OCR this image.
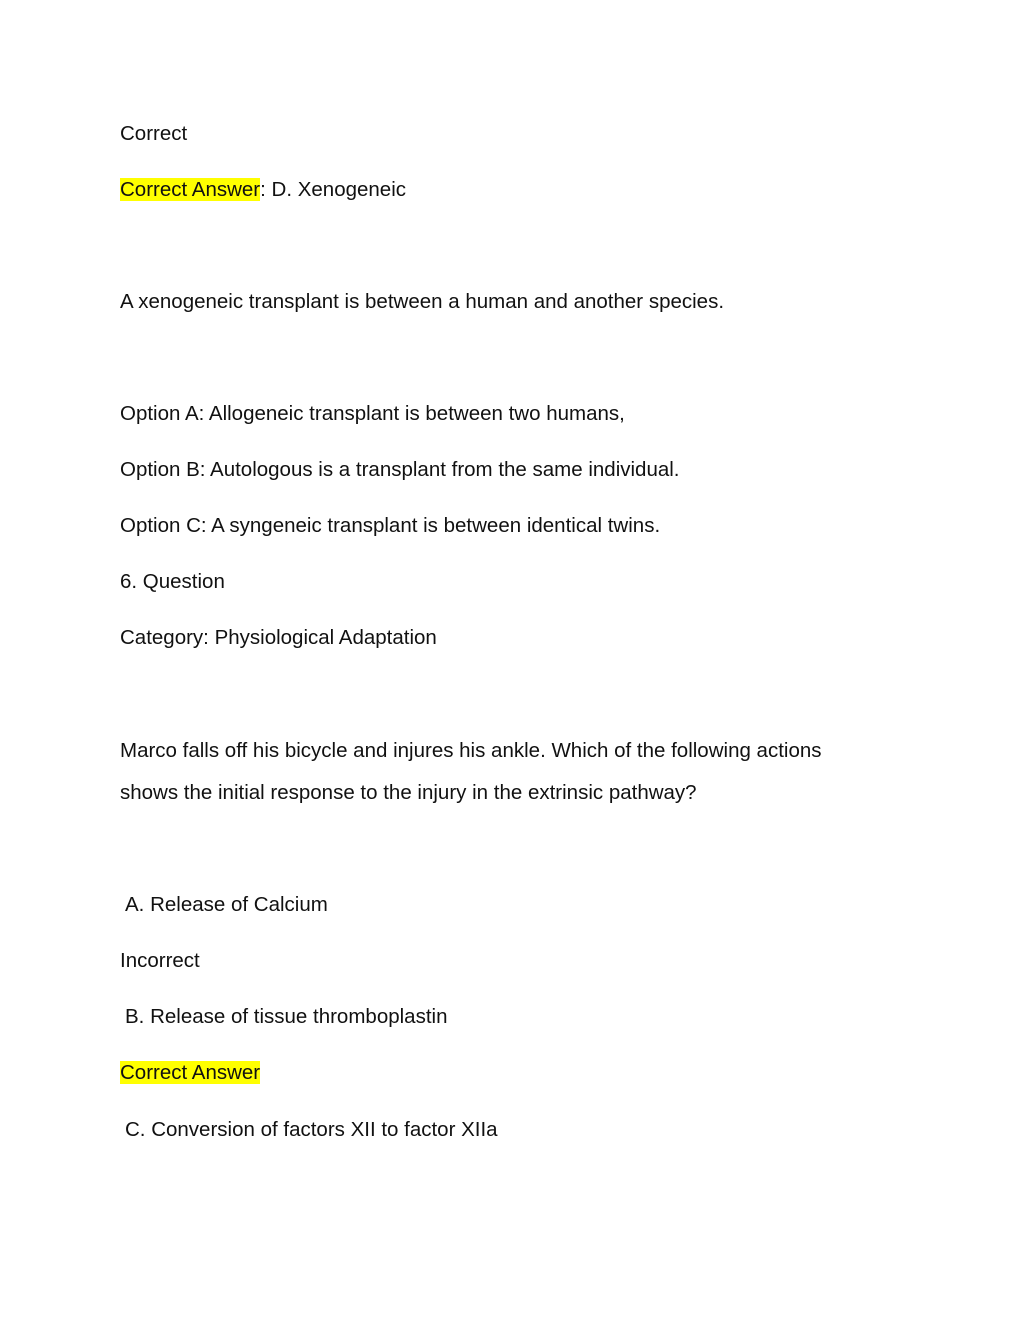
Correct
Correct Answer: D. Xenogeneic
A xenogeneic transplant is between a human and another species.
Option A: Allogeneic transplant is between two humans,
Option B: Autologous is a transplant from the same individual.
Option C: A syngeneic transplant is between identical twins.
6. Question
Category: Physiological Adaptation
Marco falls off his bicycle and injures his ankle. Which of the following actions
shows the initial response to the injury in the extrinsic pathway?
A. Release of Calcium
Incorrect
B. Release of tissue thromboplastin
Correct Answer
C. Conversion of factors XII to factor XIIa
